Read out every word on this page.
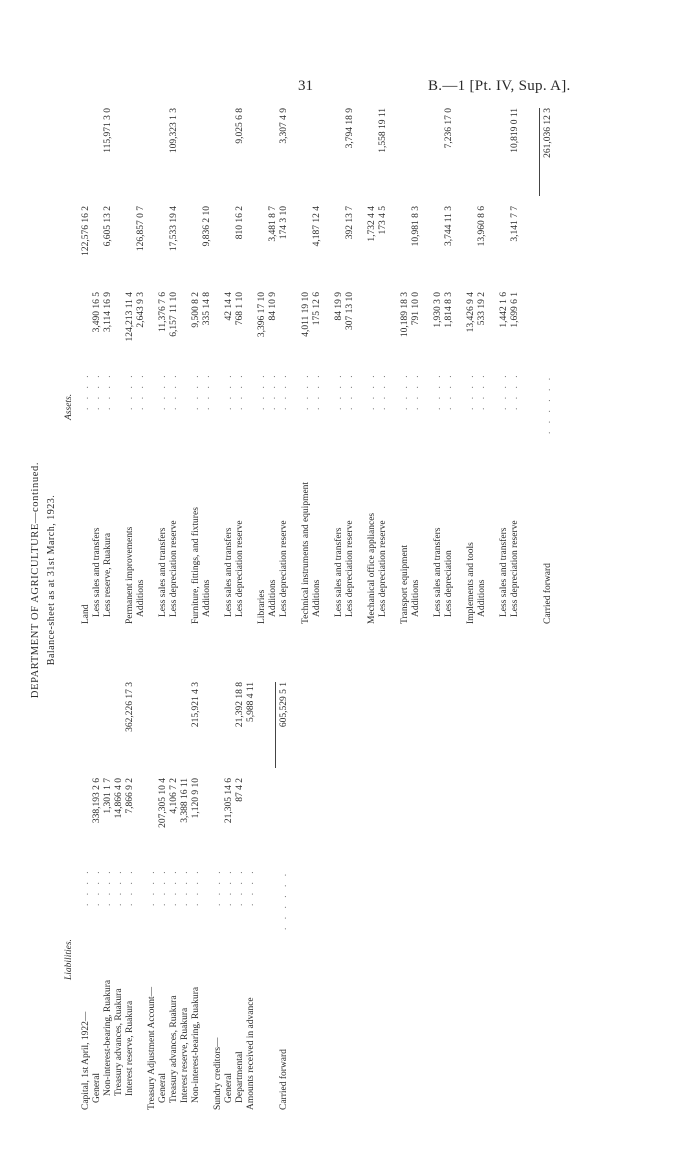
31	B.—1 [Pt. IV, Sup. A].
DEPARTMENT OF AGRICULTURE—continued. Balance-sheet as at 31st March, 1923.
Liabilities.
Assets.
Capital, 1st April, 1922—
. . . .
General
. . . .
338,193 2 6
Non-interest-bearing, Ruakura
. . . .
1,301 1 7
Treasury advances, Ruakura
. . . .
14,866 4 0
Interest reserve, Ruakura
. . . .
7,866 9 2
362,226 17 3
Treasury Adjustment Account—
. . . .
General
. . . .
207,305 10 4
Treasury advances, Ruakura
. . . .
4,106 7 2
Interest reserve, Ruakura
. . . .
3,388 16 11
Non-interest-bearing, Ruakura
. . . .
1,120 9 10
215,921 4 3
Sundry creditors—
. . . .
General
. . . .
21,305 14 6
Departmental
. . . .
87 4 2
21,392 18 8
Amounts received in advance
. . . .
5,988 4 11
Carried forward
. . . . . .
605,529 5 1
Land
. . . .
122,576 16 2
Less sales and transfers
. . . .
3,490 16 5
Less reserve, Ruakura
. . . .
3,114 16 9
6,605 13 2
115,971 3 0
Permanent improvements
. . . .
124,213 11 4
Additions
. . . .
2,643 9 3
126,857 0 7
Less sales and transfers
. . . .
11,376 7 6
Less depreciation reserve
. . . .
6,157 11 10
17,533 19 4
109,323 1 3
Furniture, fittings, and fixtures
. . . .
9,500 8 2
Additions
. . . .
335 14 8
9,836 2 10
Less sales and transfers
. . . .
42 14 4
Less depreciation reserve
. . . .
768 1 10
810 16 2
9,025 6 8
Libraries
. . . .
3,396 17 10
Additions
. . . .
84 10 9
3,481 8 7
Less depreciation reserve
. . . .
174 3 10
3,307 4 9
Technical instruments and equipment
. . . .
4,011 19 10
Additions
. . . .
175 12 6
4,187 12 4
Less sales and transfers
. . . .
84 19 9
Less depreciation reserve
. . . .
307 13 10
392 13 7
3,794 18 9
Mechanical office appliances
. . . .
1,732 4 4
Less depreciation reserve
. . . .
173 4 5
1,558 19 11
Transport equipment
. . . .
10,189 18 3
Additions
. . . .
791 10 0
10,981 8 3
Less sales and transfers
. . . .
1,930 3 0
Less depreciation
. . . .
1,814 8 3
3,744 11 3
7,236 17 0
Implements and tools
. . . .
13,426 9 4
Additions
. . . .
533 19 2
13,960 8 6
Less sales and transfers
. . . .
1,442 1 6
Less depreciation reserve
. . . .
1,699 6 1
3,141 7 7
10,819 0 11
Carried forward
. . . . . .
261,036 12 3
